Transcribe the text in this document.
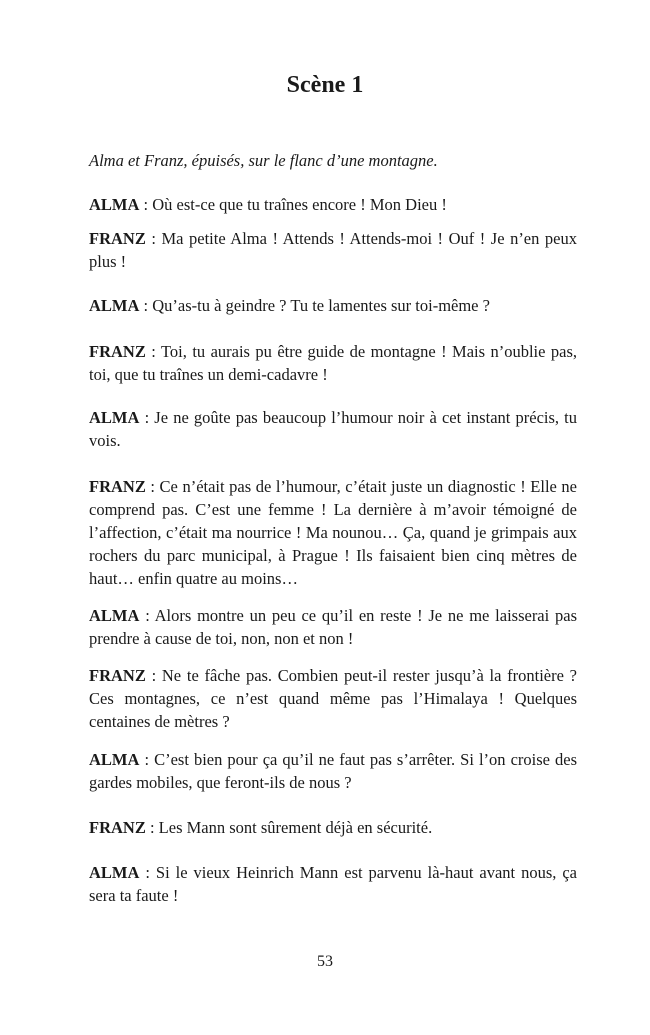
Scène 1
Alma et Franz, épuisés, sur le flanc d’une montagne.

ALMA : Où est-ce que tu traînes encore ! Mon Dieu !

FRANZ : Ma petite Alma ! Attends ! Attends-moi ! Ouf ! Je n’en peux plus !

ALMA : Qu’as-tu à geindre ? Tu te lamentes sur toi-même ?

FRANZ : Toi, tu aurais pu être guide de montagne ! Mais n’oublie pas, toi, que tu traînes un demi-cadavre !

ALMA : Je ne goûte pas beaucoup l’humour noir à cet instant précis, tu vois.

FRANZ : Ce n’était pas de l’humour, c’était juste un diagnostic ! Elle ne comprend pas. C’est une femme ! La dernière à m’avoir témoigné de l’affection, c’était ma nourrice ! Ma nounou… Ça, quand je grimpais aux rochers du parc municipal, à Prague ! Ils faisaient bien cinq mètres de haut… enfin quatre au moins…

ALMA : Alors montre un peu ce qu’il en reste ! Je ne me laisserai pas prendre à cause de toi, non, non et non !

FRANZ : Ne te fâche pas. Combien peut-il rester jusqu’à la frontière ? Ces montagnes, ce n’est quand même pas l’Himalaya ! Quelques centaines de mètres ?

ALMA : C’est bien pour ça qu’il ne faut pas s’arrêter. Si l’on croise des gardes mobiles, que feront-ils de nous ?

FRANZ : Les Mann sont sûrement déjà en sécurité.

ALMA : Si le vieux Heinrich Mann est parvenu là-haut avant nous, ça sera ta faute !

53
